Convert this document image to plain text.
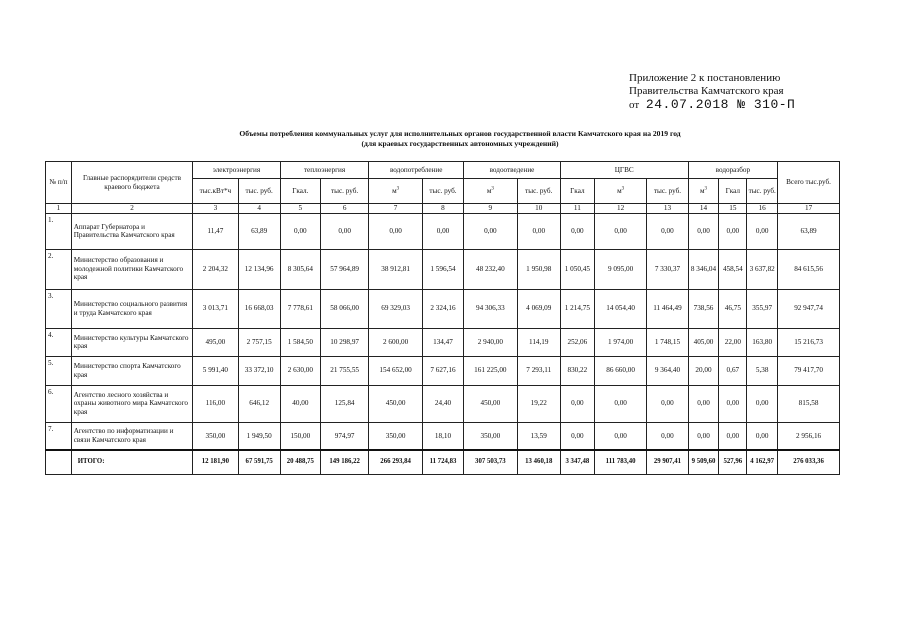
Приложение 2 к постановлению
Правительства Камчатского края
от 24.07.2018 № 310-П
Объемы потребления коммунальных услуг для исполнительных органов государственной власти Камчатского края на 2019 год
(для краевых государственных автономных учреждений)
№ п/п	Главные распорядители средств краевого бюджета	электроэнергия		теплоэнергия		водопотребление		водоотведение		ЦГВС			водоразбор			Всего тыс.руб.
		тыс.кВт*ч	тыс. руб.	Гкал.	тыс. руб.	$м^3$	тыс. руб.	$м^3$	тыс. руб.	Гкал	$м^3$	тыс. руб.	$м^3$	Гкал	тыс. руб.	
1	2	3	4	5	6	7	8	9	10	11	12	13	14	15	16	17
1.	Аппарат Губернатора и Правительства Камчатского края	11,47	63,89	0,00	0,00	0,00	0,00	0,00	0,00	0,00	0,00	0,00	0,00	0,00	0,00	63,89
2.	Министерство образования и молодежной политики Камчатского края	2 204,32	12 134,96	8 305,64	57 964,89	38 912,81	1 596,54	48 232,40	1 950,98	1 050,45	9 095,00	7 330,37	8 346,04	458,54	3 637,82	84 615,56
3.	Министерство социального развития и труда Камчатского края	3 013,71	16 668,03	7 778,61	58 066,00	69 329,03	2 324,16	94 306,33	4 069,09	1 214,75	14 054,40	11 464,49	738,56	46,75	355,97	92 947,74
4.	Министерство культуры Камчатского края	495,00	2 757,15	1 584,50	10 298,97	2 600,00	134,47	2 940,00	114,19	252,06	1 974,00	1 748,15	405,00	22,00	163,80	15 216,73
5.	Министерство спорта Камчатского края	5 991,40	33 372,10	2 630,00	21 755,55	154 652,00	7 627,16	161 225,00	7 293,11	830,22	86 660,00	9 364,40	20,00	0,67	5,38	79 417,70
6.	Агентство лесного хозяйства и охраны животного мира Камчатского края	116,00	646,12	40,00	125,84	450,00	24,40	450,00	19,22	0,00	0,00	0,00	0,00	0,00	0,00	815,58
7.	Агентство по информатизации и связи Камчатского края	350,00	1 949,50	150,00	974,97	350,00	18,10	350,00	13,59	0,00	0,00	0,00	0,00	0,00	0,00	2 956,16
	ИТОГО:	12 181,90	67 591,75	20 488,75	149 186,22	266 293,84	11 724,83	307 503,73	13 460,18	3 347,48	111 783,40	29 907,41	9 509,60	527,96	4 162,97	276 033,36
